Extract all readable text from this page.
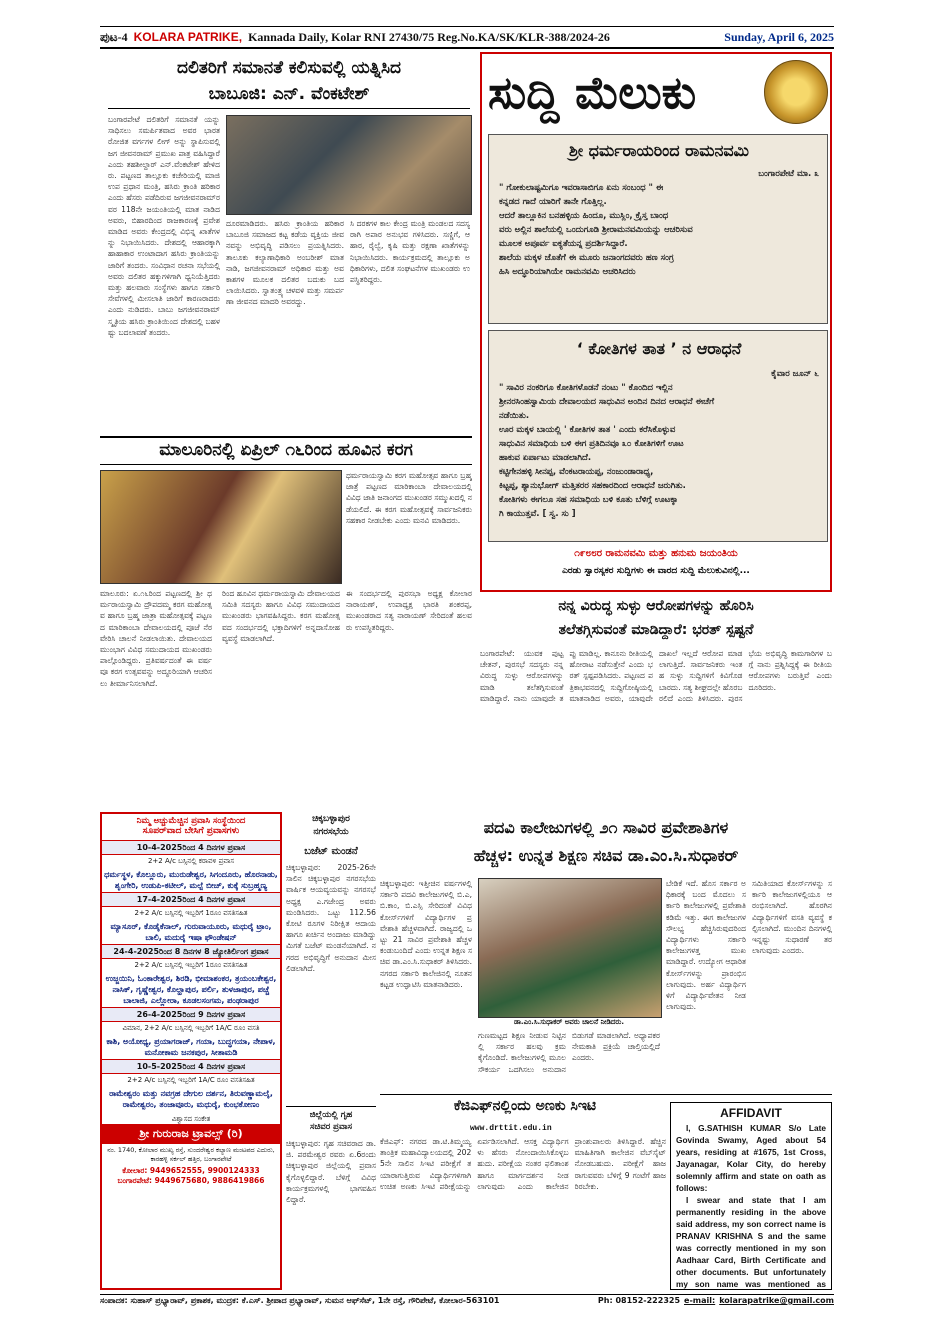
ಪುಟ-4 KOLARA PATRIKE, Kannada Daily, Kolar RNI 27430/75 Reg.No.KA/SK/KLR-388/2024-26	Sunday, April 6, 2025
ದಲಿತರಿಗೆ ಸಮಾನತೆ ಕಲಿಸುವಲ್ಲಿ ಯತ್ನಿಸಿದ
ಬಾಬೂಜಿ: ಎನ್. ವೆಂಕಟೇಶ್
ಬಂಗಾರಪೇಟೆ ದಲಿತರಿಗೆ ಸಮಾನತೆ ಯನ್ನು ಸಾಧಿಸಲು ಸಮರ್ಪಿತವಾದ ಅವರ ಭಾರತ ರೋಜಿತ ವರ್ಗಗಳ ಲೀಗ್ ಅನ್ನು ಸ್ಥಾಪಿಸುವಲ್ಲಿ ಜಗ ಜೀವನರಾಮ್ ಪ್ರಮುಖ ಪಾತ್ರ ವಹಿಸಿದ್ದಾರೆ ಎಂದು ತಹಶೀಲ್ದಾರ್ ಎನ್.ವೆಂಕಟೇಶ್ ಹೇಳಿದರು. ಪಟ್ಟಣದ ತಾಲ್ಲೂಕು ಕಚೇರಿಯಲ್ಲಿ ಮಾಜಿ ಉಪ ಪ್ರಧಾನ ಮಂತ್ರಿ, ಹಸಿರು ಕ್ರಾಂತಿ ಹರಿಕಾರ ಎಂದು ಹೆಸರು ಪಡೆದಿರುವ ಜಗಜೀವನರಾಮ್‌ರವರ 118ನೇ ಜಯಂತಿಯಲ್ಲಿ ಮಾತ ನಾಡಿದ ಅವರು, ಬಿಹಾರದಿಂದ ರಾಜಕಾರಣಕ್ಕೆ ಪ್ರವೇಶ ಮಾಡಿದ ಅವರು ಕೇಂದ್ರದಲ್ಲಿ ವಿಭಿನ್ನ ಖಾತೆಗಳನ್ನು ನಿಭಾಯಿಸಿದರು. ದೇಶದಲ್ಲಿ ಆಹಾರಕ್ಕಾಗಿ ಹಾಹಾಕಾರ ಉಂಟಾದಾಗ ಹಸಿರು ಕ್ರಾಂತಿಯನ್ನು ಜಾರಿಗೆ ತಂದರು. ಸಂವಿಧಾನ ರಚನಾ ಸಭೆಯಲ್ಲಿ ಅವರು ದಲಿತರ ಹಕ್ಕುಗಳಿಗಾಗಿ ಧ್ವನಿಯೆತ್ತಿದರು ಮತ್ತು ಹಲವಾರು ಸಂಸ್ಥೆಗಳು ಹಾಗೂ ಸರ್ಕಾರಿ ಸೇವೆಗಳಲ್ಲಿ ಮೀಸಲಾತಿ ಜಾರಿಗೆ ಕಾರಣರಾದರು ಎಂದು ನುಡಿದರು. ಬಾಬು ಜಗಜೀವನರಾಮ್ ಸ್ಮೃತಿಯ ಹಸಿರು ಕ್ರಾಂತಿಯಿಂದ ದೇಶದಲ್ಲಿ ಬಹಳಷ್ಟು ಬದಲಾವಣೆ ತಂದರು.
ದೂರಮಾಡಿದರು. ಹಸಿರು ಕ್ರಾಂತಿಯ ಹರಿಕಾರ ಬಾಬೂಜಿ ಸಮಾಜದ ಕಟ್ಟ ಕಡೆಯ ವ್ಯಕ್ತಿಯ ಜೀವನವನ್ನು ಅಭಿವೃದ್ಧಿ ಪಡಿಸಲು ಪ್ರಯತ್ನಿಸಿದರು. ತಾಲೂಕು ಕಲ್ಯಾಣಾಧಿಕಾರಿ ಅಂಬರೀಶ್ ಮಾತನಾಡಿ, ಜಗಜೀವನರಾಮ್ ಅಧಿಕಾರ ಮತ್ತು ಅವಕಾಶಗಳ ಮೂಲಕ ದಲಿತರ ಬದುಕು ಬದಲಾಯಿಸಿದರು. ಸ್ವಾತಂತ್ರ್ಯ ಚಳವಳಿ ಮತ್ತು ಸಮರ್ಪಣಾ ಜೀವನದ ಮಾದರಿ ಅವರದ್ದು.
ಸಿ ದರಕಗಳ ಕಾಲ ಕೇಂದ್ರ ಮಂತ್ರಿ ಮಂಡಲದ ಸದಸ್ಯರಾಗಿ ಅಪಾರ ಅನುಭವ ಗಳಿಸಿದರು. ಸಣ್ಣಿಗೆ, ಆಹಾರ, ರೈಲ್ವೆ, ಕೃಷಿ ಮತ್ತು ರಕ್ಷಣಾ ಖಾತೆಗಳನ್ನು ನಿಭಾಯಿಸಿದರು. ಕಾರ್ಯಕ್ರಮದಲ್ಲಿ ತಾಲ್ಲೂಕು ಅಧಿಕಾರಿಗಳು, ದಲಿತ ಸಂಘಟನೆಗಳ ಮುಖಂಡರು ಉಪಸ್ಥಿತರಿದ್ದರು.
ಸುದ್ದಿ ಮೆಲುಕು
ಶ್ರೀ ಧರ್ಮರಾಯರಿಂದ ರಾಮನವಮಿ
ಬಂಗಾರಪೇಟೆ ಮಾ. ೩
" ಗೋಕುಲಾಷ್ಟಮಿಗೂ ಇವರಾಸಾಬಿಗೂ ಏನು ಸಂಬಂಧ " ಈ
ಕನ್ನಡದ ಗಾದೆ ಯಾರಿಗೆ ತಾನೇ ಗೊತ್ತಿಲ್ಲ.
ಆದರೆ ತಾಲ್ಲೂಕಿನ ಬನಹಳ್ಳಿಯ ಹಿಂದೂ, ಮುಸ್ಲಿಂ, ಕ್ರೈಸ್ತ ಬಾಂಧ
ವರು ಅಲ್ಲಿನ ಶಾಲೆಯಲ್ಲಿ ಒಂದುಗೂಡಿ ಶ್ರೀರಾಮನವಮಿಯನ್ನು ಆಚರಿಸುವ
ಮೂಲಕ ಅಪೂರ್ವ ಐಕ್ಯತೆಯನ್ನ ಪ್ರದರ್ಶಿಸಿದ್ದಾರೆ.
ಶಾಲೆಯ ಮಕ್ಕಳ ಜೊತೆಗೆ ಈ ಮೂರು ಜನಾಂಗದವರು ಹಣ ಸಂಗ್ರ
ಹಿಸಿ ಅದ್ಧೂರಿಯಾಗಿಯೇ ರಾಮನವಮಿ ಆಚರಿಸಿದರು
‘ ಕೋತಿಗಳ ತಾತ ’ ನ ಆರಾಧನೆ
ಕೈವಾರ ಜೂನ್ ೬
" ಸಾವಿರ ನಂಕರಿಗೂ ಕೋತಿಗಳೊಡನೆ ನಂಟು " ಕೊಂದಿದ ಇಲ್ಲಿನ
ಶ್ರೀನರಸಿಂಹಸ್ವಾಮಿಯ ದೇವಾಲಯದ ಸಾಧುವಿನ ಅಂದಿನ ದಿನದ ಆರಾಧನೆ ಈಚೆಗೆ
ನಡೆಯಿತು.
ಊರ ಮಕ್ಕಳ ಬಾಯಲ್ಲಿ ' ಕೋತಿಗಳ ತಾತ ' ಎಂದು ಕರೆಸಿಕೊಳ್ಳುವ
ಸಾಧುವಿನ ಸಮಾಧಿಯ ಬಳಿ ಈಗ ಪ್ರತಿದಿನವೂ ೩೦ ಕೋತಿಗಳಿಗೆ ಊಟ
ಹಾಕುವ ಏರ್ಪಾಟು ಮಾಡಲಾಗಿದೆ.
ಕಟ್ಟಿಗೇನಹಳ್ಳಿ ಸೀನಪ್ಪ, ವೆಂಕಟರಾಯಪ್ಪ, ನಂಜುಂಡಾರಾಧ್ಯ,
ಕಿಟ್ಟಪ್ಪ, ಶ್ಯಾನುಭೋಗ್ ಮತ್ತಿತರರ ಸಹಕಾರದಿಂದ ಆರಾಧನೆ ಜರುಗಿತು.
ಕೋತಿಗಳು ಈಗಲೂ ಸಹ ಸಮಾಧಿಯ ಬಳಿ ಕೂತು ಬೆಳಿಗ್ಗೆ ಊಟಕ್ಕಾ
ಗಿ ಕಾಯುತ್ತವೆ. [ ಸ್ವ. ಸು ]
೧೯೮೮ರ ರಾಮನವಮಿ ಮತ್ತು ಹನುಮ ಜಯಂತಿಯ
ಎರಡು ಸ್ವಾರಸ್ಯಕರ ಸುದ್ದಿಗಳು ಈ ವಾರದ ಸುದ್ದಿ ಮೆಲುಕುವಿನಲ್ಲಿ...
ಮಾಲೂರಿನಲ್ಲಿ ಏಪ್ರಿಲ್ ೧೬ರಿಂದ ಹೂವಿನ ಕರಗ
ಧರ್ಮರಾಯಸ್ವಾಮಿ ಕರಗ ಮಹೋತ್ಸವ ಹಾಗೂ ಬ್ರಹ್ಮ ಜಾತ್ರೆ ಪಟ್ಟಣದ ಮಾರಿಕಾಂಬಾ ದೇವಾಲಯದಲ್ಲಿ ವಿವಿಧ ಜಾತಿ ಜನಾಂಗದ ಮುಖಂಡರ ಸಮ್ಮುಖದಲ್ಲಿ ನಡೆಯಲಿದೆ. ಈ ಕರಗ ಮಹೋತ್ಸವಕ್ಕೆ ಸಾರ್ವಜನಿಕರು ಸಹಕಾರ ನೀಡಬೇಕು ಎಂದು ಮನವಿ ಮಾಡಿದರು.
ಮಾಲೂರು: ಏ.೧೬ರಿಂದ ಪಟ್ಟಣದಲ್ಲಿ ಶ್ರೀ ಧರ್ಮರಾಯಸ್ವಾಮಿ ದ್ರೌಪದಮ್ಮ ಕರಗ ಮಹೋತ್ಸವ ಹಾಗೂ ಬ್ರಹ್ಮ ಜಾತ್ರಾ ಮಹೋತ್ಸವಕ್ಕೆ ಪಟ್ಟಣದ ಮಾರಿಕಾಂಬಾ ದೇವಾಲಯದಲ್ಲಿ ಪೂಜೆ ನೆರವೇರಿಸಿ ಚಾಲನೆ ನೀಡಲಾಯಿತು. ದೇವಾಲಯದ ಮುಂಭಾಗ ವಿವಿಧ ಸಮುದಾಯದ ಮುಖಂಡರು ಪಾಲ್ಗೊಂಡಿದ್ದರು. ಪ್ರತಿವರ್ಷದಂತೆ ಈ ವರ್ಷವೂ ಕರಗ ಉತ್ಸವವನ್ನು ಅದ್ಧೂರಿಯಾಗಿ ಆಚರಿಸಲು ತೀರ್ಮಾನಿಸಲಾಗಿದೆ.
ರಿಂದ ಹೂವಿನ ಧರ್ಮರಾಯಸ್ವಾಮಿ ದೇವಾಲಯದ ಸಮಿತಿ ಸದಸ್ಯರು ಹಾಗೂ ವಿವಿಧ ಸಮುದಾಯದ ಮುಖಂಡರು ಭಾಗವಹಿಸಿದ್ದರು. ಕರಗ ಮಹೋತ್ಸವದ ಸಂದರ್ಭದಲ್ಲಿ ಭಕ್ತಾದಿಗಳಿಗೆ ಅನ್ನದಾಸೋಹ ವ್ಯವಸ್ಥೆ ಮಾಡಲಾಗಿದೆ.
ಈ ಸಂದರ್ಭದಲ್ಲಿ ಪುರಸಭಾ ಅಧ್ಯಕ್ಷ ಕೋಲಾರ ನಾರಾಯಣ್, ಉಪಾಧ್ಯಕ್ಷ ಭಾರತಿ ಶಂಕರಪ್ಪ, ಮುಖಂಡರಾದ ಸತ್ಯ ನಾರಾಯಣ್ ಸೇರಿದಂತೆ ಹಲವರು ಉಪಸ್ಥಿತರಿದ್ದರು.
ನನ್ನ ವಿರುದ್ಧ ಸುಳ್ಳು ಆರೋಪಗಳನ್ನು ಹೊರಿಸಿ
ತಲೆತಗ್ಗಿಸುವಂತೆ ಮಾಡಿದ್ದಾರೆ: ಭರತ್ ಸ್ಪಷ್ಟನೆ
ಬಂಗಾರಪೇಟೆ: ಯುವಕ ಪುಟ್ಟ ಚೇತನ್, ಪುರಸಭೆ ಸದಸ್ಯರು ನನ್ನ ವಿರುದ್ಧ ಸುಳ್ಳು ಆರೋಪಗಳನ್ನು ಮಾಡಿ ತಲೆತಗ್ಗಿಸುವಂತೆ ಮಾಡಿದ್ದಾರೆ. ನಾನು ಯಾವುದೇ ತಪ್ಪು ಮಾಡಿಲ್ಲ. ಕಾನೂನು ರೀತಿಯಲ್ಲಿ ಹೋರಾಟ ನಡೆಸುತ್ತೇನೆ ಎಂದು ಭರತ್ ಸ್ಪಷ್ಟಪಡಿಸಿದರು. ಪಟ್ಟಣದ ಪತ್ರಿಕಾಭವನದಲ್ಲಿ ಸುದ್ದಿಗೋಷ್ಠಿಯಲ್ಲಿ ಮಾತನಾಡಿದ ಅವರು, ಯಾವುದೇ ದಾಖಲೆ ಇಲ್ಲದೆ ಆರೋಪ ಮಾಡಲಾಗುತ್ತಿದೆ. ಸಾರ್ವಜನಿಕರು ಇಂತಹ ಸುಳ್ಳು ಸುದ್ದಿಗಳಿಗೆ ಕಿವಿಗೊಡಬಾರದು. ಸತ್ಯ ಶೀಘ್ರದಲ್ಲೇ ಹೊರಬರಲಿದೆ ಎಂದು ತಿಳಿಸಿದರು. ಪುರಸಭೆಯ ಅಭಿವೃದ್ಧಿ ಕಾಮಗಾರಿಗಳ ಬಗ್ಗೆ ನಾನು ಪ್ರಶ್ನಿಸಿದ್ದಕ್ಕೆ ಈ ರೀತಿಯ ಆರೋಪಗಳು ಬರುತ್ತಿವೆ ಎಂದು ದೂರಿದರು.
ನಿಮ್ಮ ಅಚ್ಚುಮೆಚ್ಚಿನ ಪ್ರವಾಸಿ ಸಂಸ್ಥೆಯಿಂದ
ಸೂಪರ್‌ವಾದ ಬೇಸಿಗೆ ಪ್ರವಾಸಗಳು
10-4-2025ರಿಂದ 4 ದಿನಗಳ ಪ್ರವಾಸ
2+2 A/c ಬಸ್ಸಿನಲ್ಲಿ ಕರಾವಳಿ ಪ್ರವಾಸ
ಧರ್ಮಸ್ಥಳ, ಕೊಲ್ಲೂರು, ಮುರುಡೇಶ್ವರ, ಸಿಗಂದೂರು, ಹೊರನಾಡು, ಶೃಂಗೇರಿ, ಉಡುಪಿ-ಕಟೀಲ್, ಮಲ್ಪೆ ಬೀಚ್, ಕುಕ್ಕೆ ಸುಬ್ರಹ್ಮಣ್ಯ
17-4-2025ರಿಂದ 4 ದಿನಗಳ ಪ್ರವಾಸ
2+2 A/c ಬಸ್ಸಿನಲ್ಲಿ ಇಬ್ಬರಿಗೆ 1ರೂಂ ವಸತಿಸಹಿತ
ಮ್ಯಾಸೂರ್, ಕೊಡೈಕೆನಾಲ್, ಗುರುವಾಯೂರು, ಮಧುರೈ ಟ್ರಾಂ, ಬಾಲಿ, ಮದುರೈ ಇಷಾ ಫೌಂಡೇಷನ್
24-4-2025ರಿಂದ 8 ದಿನಗಳ 8 ಜ್ಯೋತಿರ್ಲಿಂಗ ಪ್ರವಾಸ
2+2 A/c ಬಸ್ಸಿನಲ್ಲಿ ಇಬ್ಬರಿಗೆ 1ರೂಂ ವಸತಿಸಹಿತ
ಉಜ್ಜಯಿನಿ, ಓಂಕಾರೇಶ್ವರ, ಶಿರಡಿ, ಭೀಮಾಶಂಕರ, ತ್ರಯಂಬಕೇಶ್ವರ, ನಾಸಿಕ್, ಗೃಷ್ಣೇಶ್ವರ, ಕೊಲ್ಹಾಪುರ, ಪರ್ಲಿ, ತುಳಜಾಪುರ, ಪಚ್ಚೆ ಬಾಲಾಜಿ, ಎಲ್ಲೋರಾ, ಕೂಡಲಸಂಗಮ, ಪಂಢರಾಪುರ
26-4-2025ರಿಂದ 9 ದಿನಗಳ ಪ್ರವಾಸ
ವಿಮಾನ, 2+2 A/c ಬಸ್ಸಿನಲ್ಲಿ ಇಬ್ಬರಿಗೆ 1A/C ರೂಂ ವಸತಿ
ಕಾಶಿ, ಅಯೋಧ್ಯ, ಪ್ರಯಾಗರಾಜ್, ಗಯಾ, ಬುದ್ಧಗಯಾ, ನೇಪಾಳ, ಮನೋಕಾಮ ಜನಕಪುರ, ಸೀತಾಮಡಿ
10-5-2025ರಿಂದ 4 ದಿನಗಳ ಪ್ರವಾಸ
2+2 A/c ಬಸ್ಸಿನಲ್ಲಿ ಇಬ್ಬರಿಗೆ 1A/C ರೂಂ ವಸತಿಸಹಿತ
ರಾಮೇಶ್ವರಂ ಮತ್ತು ನವಗ್ರಹ ದೇಗುಲ ದರ್ಶನ, ತಿರುವಣ್ಣಾಮಲೈ, ರಾಮೇಶ್ವರಂ, ತಂಜಾವೂರು, ಮಧುರೈ, ಕುಂಭಕೋಣಂ
ವಿಶ್ವಾಸದ ಸಂಕೇತ
ಶ್ರೀ ಗುರುರಾಜ ಟ್ರಾವಲ್ಸ್ (ರಿ)
ನಂ. 1740, ಕೋಲಾರ ಮುಖ್ಯ ರಸ್ತೆ, ಸುಂದರೇಶ್ವರ ಕಲ್ಯಾಣ ಮಂಟಪದ ಎದುರು, ಕಾರಹಳ್ಳಿ ಸರ್ಕಲ್ ಹತ್ತಿರ, ಬಂಗಾರಪೇಟೆ
ಕೋಲಾರ: 9449652555, 9900124333
ಬಂಗಾರಪೇಟೆ: 9449675680, 9886419866
ಚಿಕ್ಕಬಳ್ಳಾಪುರ
ನಗರಸಭೆಯ
ಬಜೆಟ್ ಮಂಡನೆ
ಚಿಕ್ಕಬಳ್ಳಾಪುರ: 2025-26ನೇ ಸಾಲಿನ ಚಿಕ್ಕಬಳ್ಳಾಪುರ ನಗರಸಭೆಯ ವಾರ್ಷಿಕ ಆಯವ್ಯಯವನ್ನು ನಗರಸಭೆ ಅಧ್ಯಕ್ಷ ಎ.ಗಜೇಂದ್ರ ಅವರು ಮಂಡಿಸಿದರು. ಒಟ್ಟು 112.56 ಕೋಟಿ ರೂಗಳ ನಿರೀಕ್ಷಿತ ಆದಾಯ ಹಾಗೂ ಖರ್ಚಿನ ಅಂದಾಜು ಮಾಡಿದ್ದು ಮಿಗತೆ ಬಜೆಟ್ ಮಂಡನೆಯಾಗಿದೆ. ನಗರದ ಅಭಿವೃದ್ಧಿಗೆ ಅನುದಾನ ಮೀಸಲಿಡಲಾಗಿದೆ.
ಜಿಲ್ಲೆಯಲ್ಲಿ ಗೃಹ
ಸಚಿವರ ಪ್ರವಾಸ
ಚಿಕ್ಕಬಳ್ಳಾಪುರ: ಗೃಹ ಸಚಿವರಾದ ಡಾ. ಜಿ. ಪರಮೇಶ್ವರ ರವರು ಏ.6ರಂದು ಚಿಕ್ಕಬಳ್ಳಾಪುರ ಜಿಲ್ಲೆಯಲ್ಲಿ ಪ್ರವಾಸ ಕೈಗೊಳ್ಳಲಿದ್ದಾರೆ. ಬೆಳಿಗ್ಗೆ ವಿವಿಧ ಕಾರ್ಯಕ್ರಮಗಳಲ್ಲಿ ಭಾಗವಹಿಸಲಿದ್ದಾರೆ.
ಪದವಿ ಕಾಲೇಜುಗಳಲ್ಲಿ ೨೧ ಸಾವಿರ ಪ್ರವೇಶಾತಿಗಳ
ಹೆಚ್ಚಳ: ಉನ್ನತ ಶಿಕ್ಷಣ ಸಚಿವ ಡಾ.ಎಂ.ಸಿ.ಸುಧಾಕರ್
ಚಿಕ್ಕಬಳ್ಳಾಪುರ: ಇತ್ತೀಚಿನ ವರ್ಷಗಳಲ್ಲಿ ಸರ್ಕಾರಿ ಪದವಿ ಕಾಲೇಜುಗಳಲ್ಲಿ ಬಿ.ಎ, ಬಿ.ಕಾಂ, ಬಿ.ಎಸ್ಸಿ ಸೇರಿದಂತೆ ವಿವಿಧ ಕೋರ್ಸ್‌ಗಳಿಗೆ ವಿದ್ಯಾರ್ಥಿಗಳ ಪ್ರವೇಶಾತಿ ಹೆಚ್ಚಳವಾಗಿದೆ. ರಾಜ್ಯದಲ್ಲಿ ಒಟ್ಟು 21 ಸಾವಿರ ಪ್ರವೇಶಾತಿ ಹೆಚ್ಚಳ ಕಂಡುಬಂದಿದೆ ಎಂದು ಉನ್ನತ ಶಿಕ್ಷಣ ಸಚಿವ ಡಾ.ಎಂ.ಸಿ.ಸುಧಾಕರ್ ತಿಳಿಸಿದರು. ನಗರದ ಸರ್ಕಾರಿ ಕಾಲೇಜಿನಲ್ಲಿ ನೂತನ ಕಟ್ಟಡ ಉದ್ಘಾಟಿಸಿ ಮಾತನಾಡಿದರು.
ಡಾ.ಎಂ.ಸಿ.ಸುಧಾಕರ್ ಅವರು ಚಾಲನೆ ನೀಡಿದರು.
ಗುಣಮಟ್ಟದ ಶಿಕ್ಷಣ ನೀಡುವ ನಿಟ್ಟಿನಲ್ಲಿ ಸರ್ಕಾರ ಹಲವು ಕ್ರಮ ಕೈಗೊಂಡಿದೆ. ಕಾಲೇಜುಗಳಲ್ಲಿ ಮೂಲ ಸೌಕರ್ಯ ಒದಗಿಸಲು ಅನುದಾನ ಬಿಡುಗಡೆ ಮಾಡಲಾಗಿದೆ. ಅಧ್ಯಾಪಕರ ನೇಮಕಾತಿ ಪ್ರಕ್ರಿಯೆ ಚಾಲ್ತಿಯಲ್ಲಿದೆ ಎಂದರು.
ಬೇಡಿಕೆ ಇದೆ. ಹೊಸ ಸರ್ಕಾರ ಅಧಿಕಾರಕ್ಕೆ ಬಂದ ಮೊದಲು ಸರ್ಕಾರಿ ಕಾಲೇಜುಗಳಲ್ಲಿ ಪ್ರವೇಶಾತಿ ಕಡಿಮೆ ಇತ್ತು. ಈಗ ಕಾಲೇಜುಗಳ ಸೌಲಭ್ಯ ಹೆಚ್ಚಿಸಿರುವುದರಿಂದ ವಿದ್ಯಾರ್ಥಿಗಳು ಸರ್ಕಾರಿ ಕಾಲೇಜುಗಳತ್ತ ಮುಖ ಮಾಡಿದ್ದಾರೆ. ಉದ್ಯೋಗ ಆಧಾರಿತ ಕೋರ್ಸ್‌ಗಳನ್ನು ಪ್ರಾರಂಭಿಸಲಾಗುವುದು. ಅರ್ಹ ವಿದ್ಯಾರ್ಥಿಗಳಿಗೆ ವಿದ್ಯಾರ್ಥಿವೇತನ ನೀಡಲಾಗುವುದು.
ಸಮಿತಿಯಾದ ಕೋರ್ಸ್‌ಗಳನ್ನು ಸರ್ಕಾರಿ ಕಾಲೇಜುಗಳಲ್ಲಿಯೂ ಆರಂಭಿಸಲಾಗಿದೆ. ಹೊರಗಿನ ವಿದ್ಯಾರ್ಥಿಗಳಿಗೆ ವಸತಿ ವ್ಯವಸ್ಥೆ ಕಲ್ಪಿಸಲಾಗಿದೆ. ಮುಂದಿನ ದಿನಗಳಲ್ಲಿ ಇನ್ನಷ್ಟು ಸುಧಾರಣೆ ತರಲಾಗುವುದು ಎಂದರು.
ಕೆಜಿಎಫ್‌ನಲ್ಲಿಂದು ಅಣಕು ಸಿಇಟಿ
www.drttit.edu.in
ಕೆಜಿಎಫ್: ನಗರದ ಡಾ.ಟಿ.ತಿಮ್ಮಯ್ಯ ತಾಂತ್ರಿಕ ಮಹಾವಿದ್ಯಾಲಯದಲ್ಲಿ 2025ನೇ ಸಾಲಿನ ಸಿಇಟಿ ಪರೀಕ್ಷೆಗೆ ತಯಾರಾಗುತ್ತಿರುವ ವಿದ್ಯಾರ್ಥಿಗಳಿಗಾಗಿ ಉಚಿತ ಅಣಕು ಸಿಇಟಿ ಪರೀಕ್ಷೆಯನ್ನು ಏರ್ಪಡಿಸಲಾಗಿದೆ. ಆಸಕ್ತ ವಿದ್ಯಾರ್ಥಿಗಳು ಹೆಸರು ನೋಂದಾಯಿಸಿಕೊಳ್ಳಬಹುದು. ಪರೀಕ್ಷೆಯ ನಂತರ ಫಲಿತಾಂಶ ಹಾಗೂ ಮಾರ್ಗದರ್ಶನ ನೀಡಲಾಗುವುದು ಎಂದು ಕಾಲೇಜಿನ ಪ್ರಾಂಶುಪಾಲರು ತಿಳಿಸಿದ್ದಾರೆ. ಹೆಚ್ಚಿನ ಮಾಹಿತಿಗಾಗಿ ಕಾಲೇಜಿನ ವೆಬ್‌ಸೈಟ್ ನೋಡಬಹುದು. ಪರೀಕ್ಷೆಗೆ ಹಾಜರಾಗುವವರು ಬೆಳಿಗ್ಗೆ 9 ಗಂಟೆಗೆ ಹಾಜರಿರಬೇಕು.
AFFIDAVIT
I, G.SATHISH KUMAR S/o Late Govinda Swamy, Aged about 54 years, residing at #1675, 1st Cross, Jayanagar, Kolar City, do hereby solemnly affirm and state on oath as follows:
I swear and state that I am permanently residing in the above said address, my son correct name is PRANAV KRISHNA S and the same was correctly mentioned in my son Aadhaar Card, Birth Certificate and other documents. But unfortunately my son name was mentioned as
ಸಂಪಾದಕ: ಸುಹಾಸ್ ಪ್ರಭ್ಯಾರಾವ್, ಪ್ರಕಾಶಕ, ಮುದ್ರಕ: ಕೆ.ಎಸ್. ಶ್ರೀಪಾದ ಪ್ರಭ್ಯಾರಾವ್, ಸುಮನ ಆಫ್‌ಸೆಟ್, 1ನೇ ರಸ್ತೆ, ಗೌರಿಪೇಟೆ, ಕೋಲಾರ-563101	Ph: 08152-222325 e-mail: kolarapatrike@gmail.com
